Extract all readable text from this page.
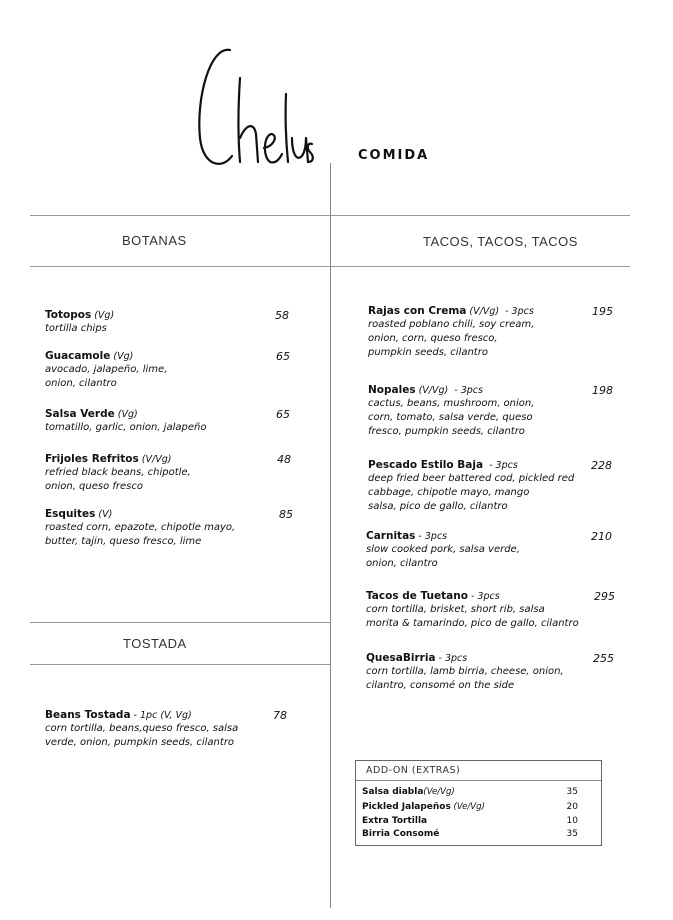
COMIDA
BOTANAS	TACOS, TACOS, TACOS
TOSTADA
Totopos (Vg)
tortilla chips
58
Guacamole (Vg)
avocado, jalapeño, lime,
onion, cilantro
65
Salsa Verde (Vg)
tomatillo, garlic, onion, jalapeño
65
Frijoles Refritos (V/Vg)
refried black beans, chipotle,
onion, queso fresco
48
Esquites (V)
roasted corn, epazote, chipotle mayo,
butter, tajin, queso fresco, lime
85
Beans Tostada - 1pc (V, Vg)
corn tortilla, beans,queso fresco, salsa
verde, onion, pumpkin seeds, cilantro
78
Rajas con Crema (V/Vg)  - 3pcs
roasted poblano chili, soy cream,
onion, corn, queso fresco,
pumpkin seeds, cilantro
195
Nopales (V/Vg)  - 3pcs
cactus, beans, mushroom, onion,
corn, tomato, salsa verde, queso
fresco, pumpkin seeds, cilantro
198
Pescado Estilo Baja  - 3pcs
deep fried beer battered cod, pickled red
cabbage, chipotle mayo, mango
salsa, pico de gallo, cilantro
228
Carnitas - 3pcs
slow cooked pork, salsa verde,
onion, cilantro
210
Tacos de Tuetano - 3pcs
corn tortilla, brisket, short rib, salsa
morita & tamarindo, pico de gallo, cilantro
295
QuesaBirria - 3pcs
corn tortilla, lamb birria, cheese, onion,
cilantro, consomé on the side
255
ADD-ON (EXTRAS)
Salsa diabla(Ve/Vg)	35
Pickled Jalapeños (Ve/Vg)	20
Extra Tortilla	10
Birria Consomé	35
